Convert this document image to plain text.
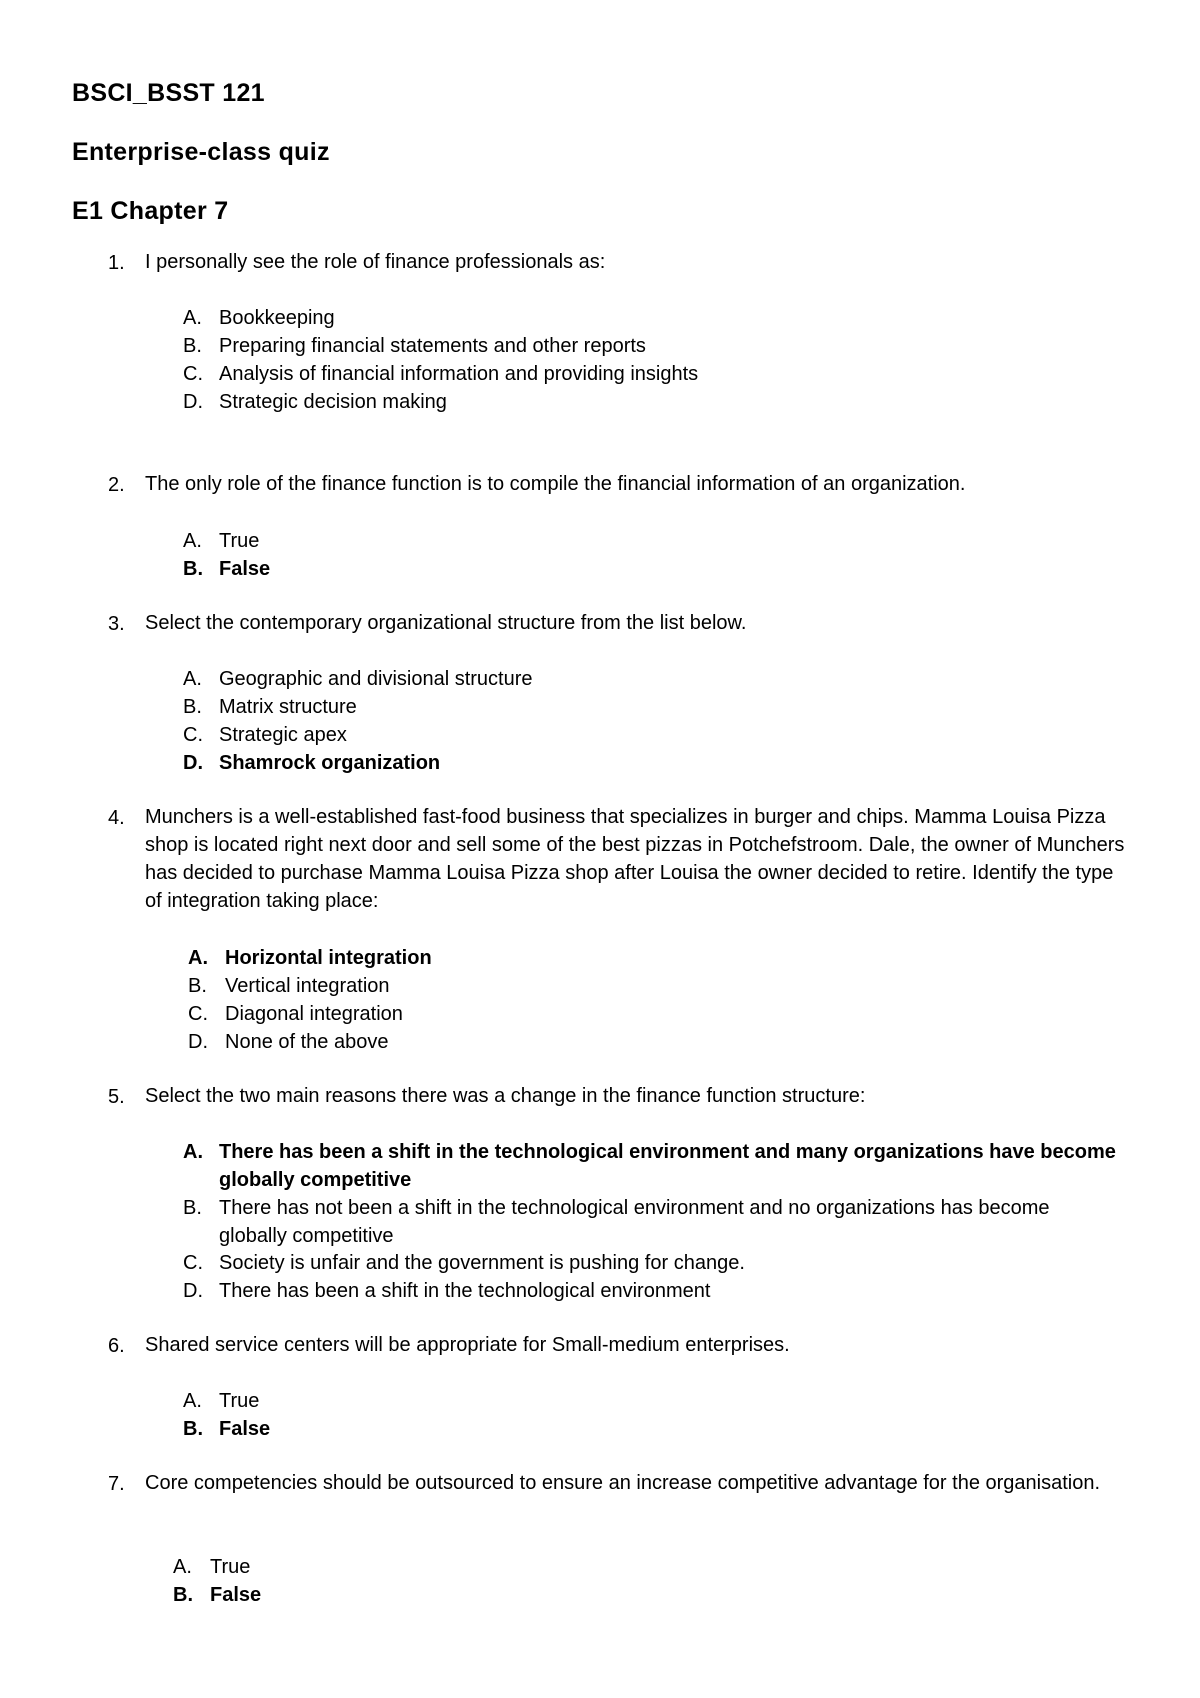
BSCI_BSST 121
Enterprise-class quiz
E1 Chapter 7
1.	I personally see the role of finance professionals as:
A. Bookkeeping
B. Preparing financial statements and other reports
C. Analysis of financial information and providing insights
D. Strategic decision making
2.	The only role of the finance function is to compile the financial information of an organization.
A. True
B. False
3.	Select the contemporary organizational structure from the list below.
A. Geographic and divisional structure
B. Matrix structure
C. Strategic apex
D. Shamrock organization
4.	Munchers is a well-established fast-food business that specializes in burger and chips. Mamma Louisa Pizza shop is located right next door and sell some of the best pizzas in Potchefstroom. Dale, the owner of Munchers has decided to purchase Mamma Louisa Pizza shop after Louisa the owner decided to retire. Identify the type of integration taking place:
A. Horizontal integration
B. Vertical integration
C. Diagonal integration
D. None of the above
5.	Select the two main reasons there was a change in the finance function structure:
A. There has been a shift in the technological environment and many organizations have become globally competitive
B. There has not been a shift in the technological environment and no organizations has become globally competitive
C. Society is unfair and the government is pushing for change.
D. There has been a shift in the technological environment
6.	Shared service centers will be appropriate for Small-medium enterprises.
A. True
B. False
7.	Core competencies should be outsourced to ensure an increase competitive advantage for the organisation.
A. True
B. False
